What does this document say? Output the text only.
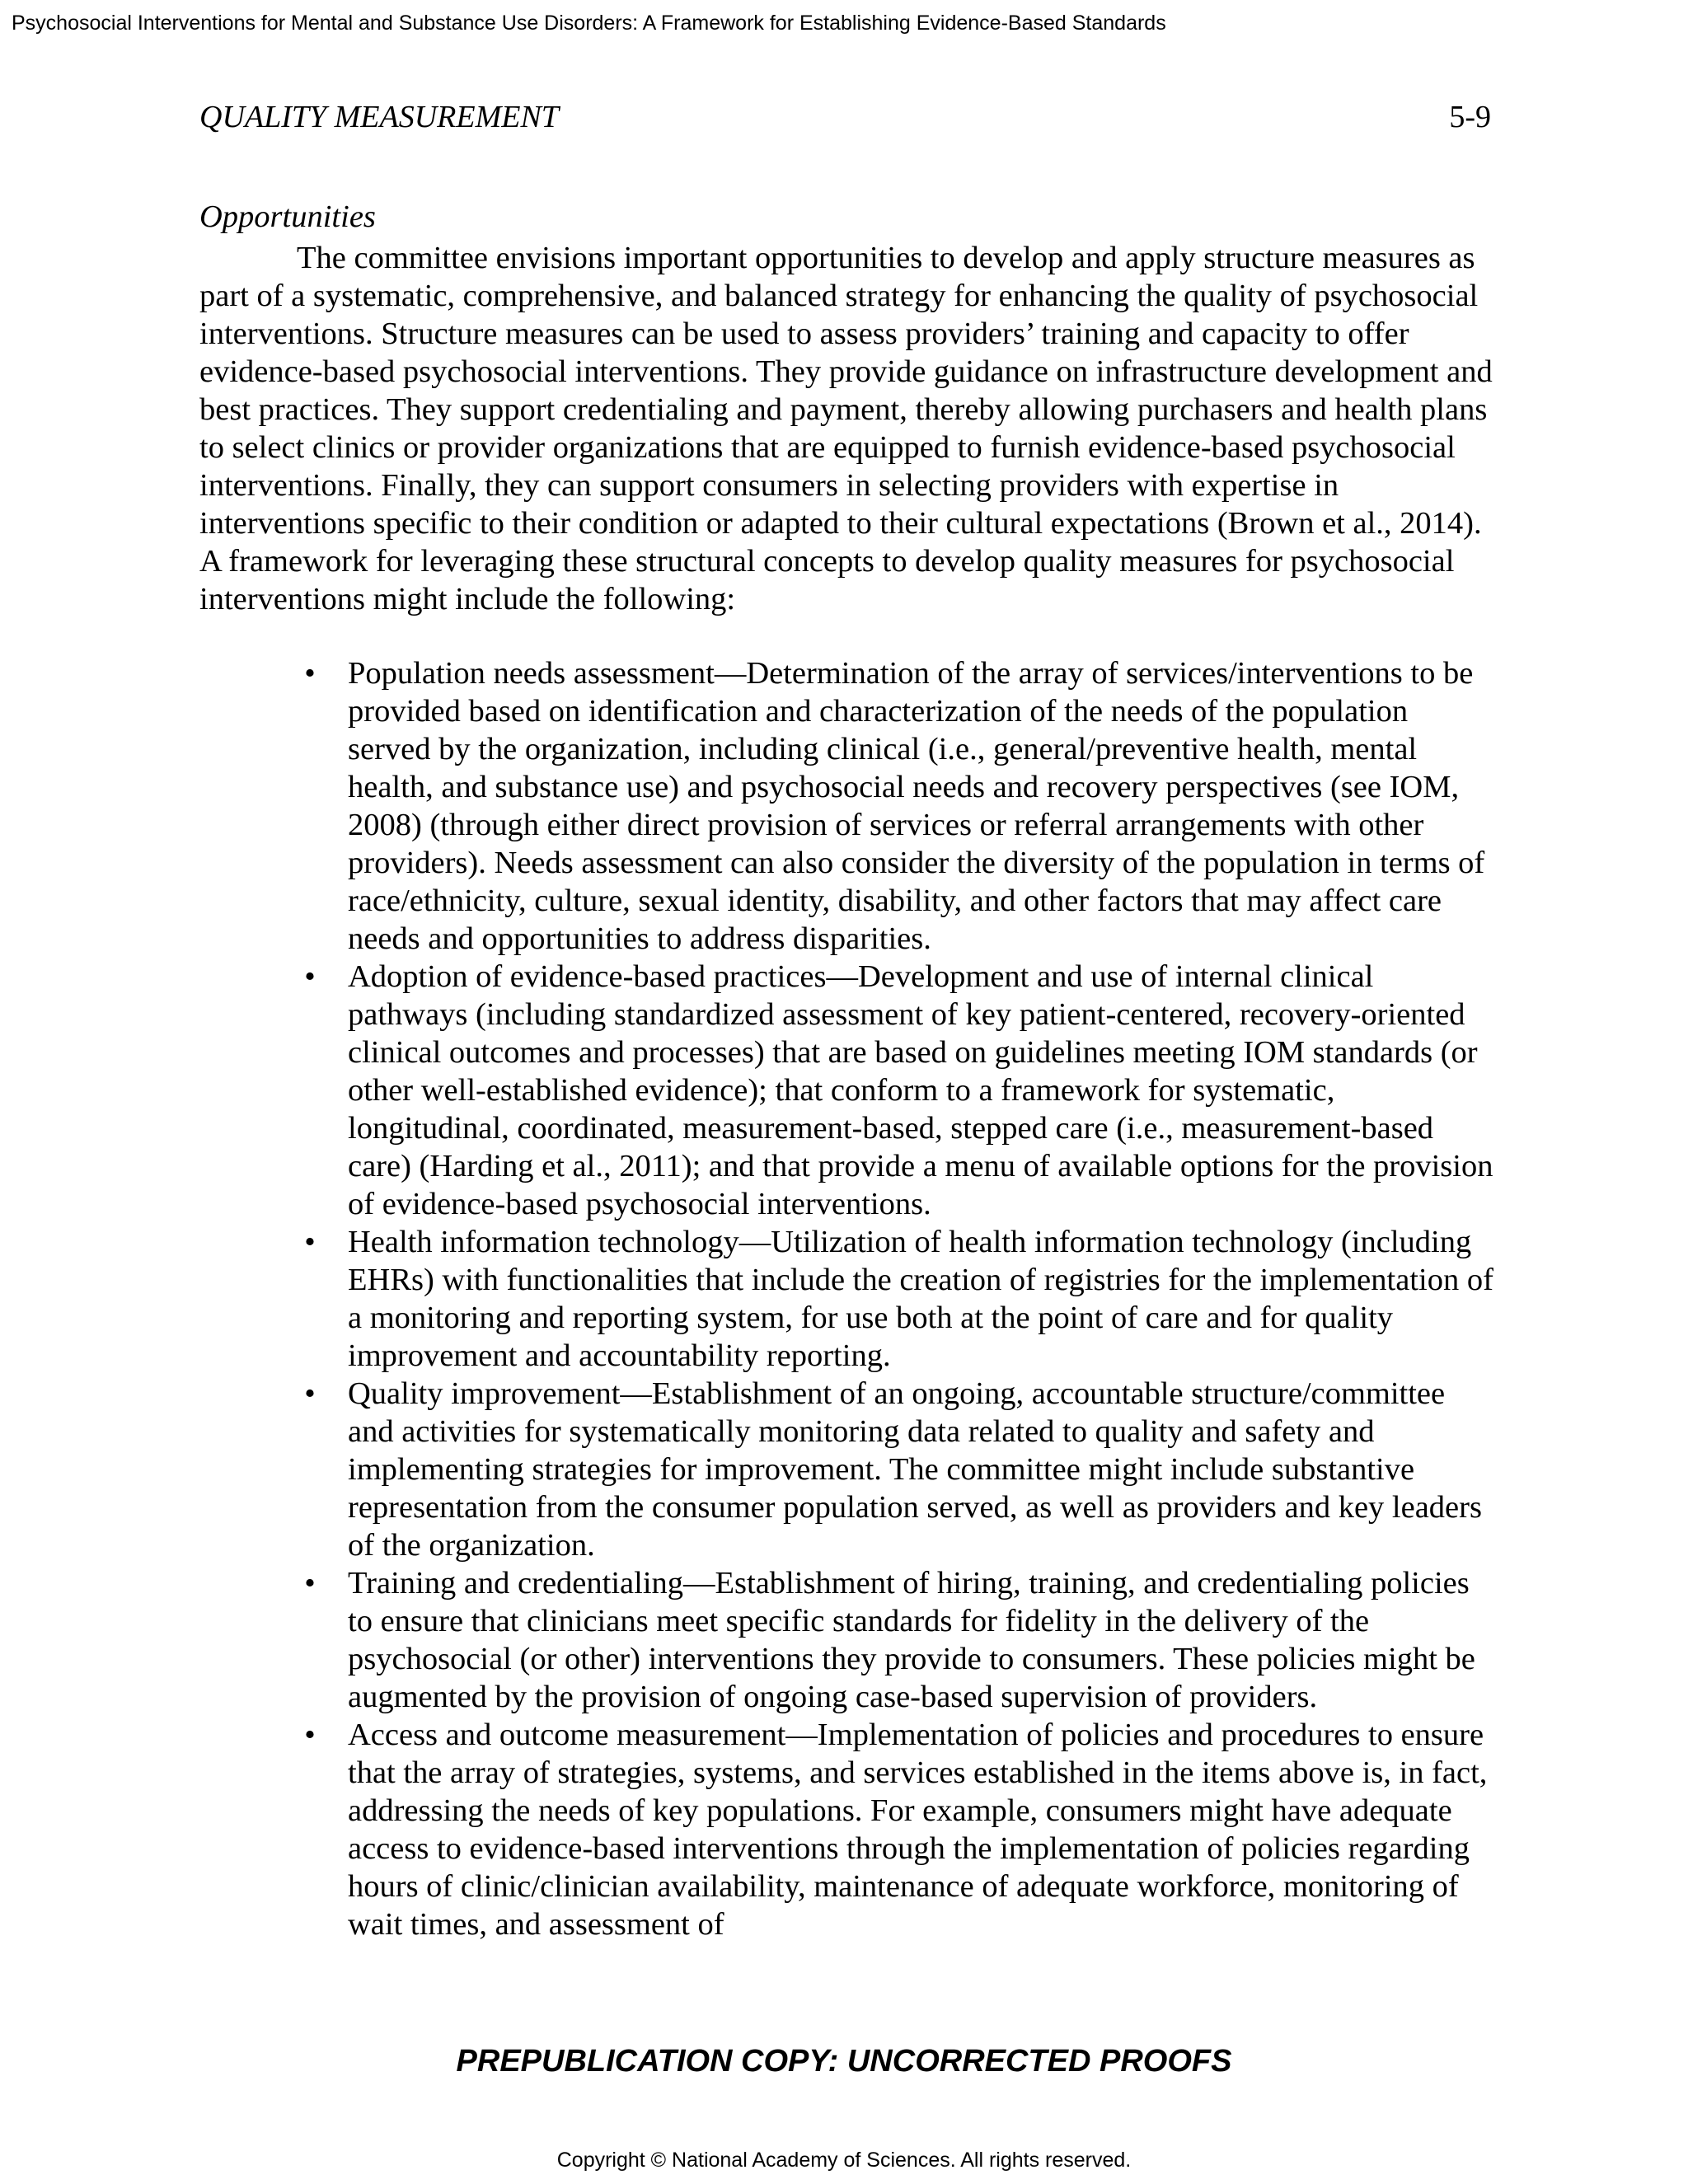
Psychosocial Interventions for Mental and Substance Use Disorders: A Framework for Establishing Evidence-Based Standards
QUALITY MEASUREMENT	5-9
Opportunities

The committee envisions important opportunities to develop and apply structure measures as part of a systematic, comprehensive, and balanced strategy for enhancing the quality of psychosocial interventions. Structure measures can be used to assess providers’ training and capacity to offer evidence-based psychosocial interventions. They provide guidance on infrastructure development and best practices. They support credentialing and payment, thereby allowing purchasers and health plans to select clinics or provider organizations that are equipped to furnish evidence-based psychosocial interventions. Finally, they can support consumers in selecting providers with expertise in interventions specific to their condition or adapted to their cultural expectations (Brown et al., 2014). A framework for leveraging these structural concepts to develop quality measures for psychosocial interventions might include the following:

• Population needs assessment—Determination of the array of services/interventions to be provided based on identification and characterization of the needs of the population served by the organization, including clinical (i.e., general/preventive health, mental health, and substance use) and psychosocial needs and recovery perspectives (see IOM, 2008) (through either direct provision of services or referral arrangements with other providers). Needs assessment can also consider the diversity of the population in terms of race/ethnicity, culture, sexual identity, disability, and other factors that may affect care needs and opportunities to address disparities.
• Adoption of evidence-based practices—Development and use of internal clinical pathways (including standardized assessment of key patient-centered, recovery-oriented clinical outcomes and processes) that are based on guidelines meeting IOM standards (or other well-established evidence); that conform to a framework for systematic, longitudinal, coordinated, measurement-based, stepped care (i.e., measurement-based care) (Harding et al., 2011); and that provide a menu of available options for the provision of evidence-based psychosocial interventions.
• Health information technology—Utilization of health information technology (including EHRs) with functionalities that include the creation of registries for the implementation of a monitoring and reporting system, for use both at the point of care and for quality improvement and accountability reporting.
• Quality improvement—Establishment of an ongoing, accountable structure/committee and activities for systematically monitoring data related to quality and safety and implementing strategies for improvement. The committee might include substantive representation from the consumer population served, as well as providers and key leaders of the organization.
• Training and credentialing—Establishment of hiring, training, and credentialing policies to ensure that clinicians meet specific standards for fidelity in the delivery of the psychosocial (or other) interventions they provide to consumers. These policies might be augmented by the provision of ongoing case-based supervision of providers.
• Access and outcome measurement—Implementation of policies and procedures to ensure that the array of strategies, systems, and services established in the items above is, in fact, addressing the needs of key populations. For example, consumers might have adequate access to evidence-based interventions through the implementation of policies regarding hours of clinic/clinician availability, maintenance of adequate workforce, monitoring of wait times, and assessment of
PREPUBLICATION COPY: UNCORRECTED PROOFS
Copyright © National Academy of Sciences. All rights reserved.
